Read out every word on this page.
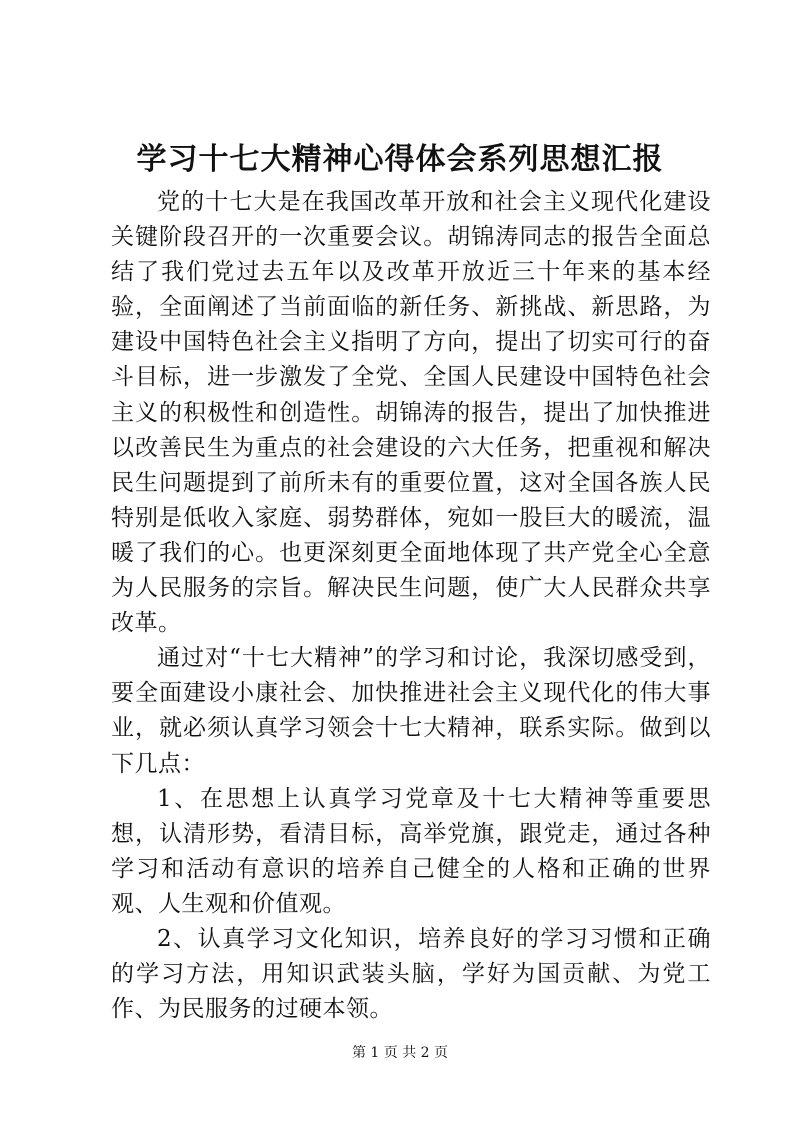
学习十七大精神心得体会系列思想汇报

党的十七大是在我国改革开放和社会主义现代化建设关键阶段召开的一次重要会议。胡锦涛同志的报告全面总结了我们党过去五年以及改革开放近三十年来的基本经验，全面阐述了当前面临的新任务、新挑战、新思路，为建设中国特色社会主义指明了方向，提出了切实可行的奋斗目标，进一步激发了全党、全国人民建设中国特色社会主义的积极性和创造性。胡锦涛的报告，提出了加快推进以改善民生为重点的社会建设的六大任务，把重视和解决民生问题提到了前所未有的重要位置，这对全国各族人民特别是低收入家庭、弱势群体，宛如一股巨大的暖流，温暖了我们的心。也更深刻更全面地体现了共产党全心全意为人民服务的宗旨。解决民生问题，使广大人民群众共享改革。

通过对“十七大精神”的学习和讨论，我深切感受到，要全面建设小康社会、加快推进社会主义现代化的伟大事业，就必须认真学习领会十七大精神，联系实际。做到以下几点：

1、在思想上认真学习党章及十七大精神等重要思想，认清形势，看清目标，高举党旗，跟党走，通过各种学习和活动有意识的培养自己健全的人格和正确的世界观、人生观和价值观。

2、认真学习文化知识，培养良好的学习习惯和正确的学习方法，用知识武装头脑，学好为国贡献、为党工作、为民服务的过硬本领。

第 1 页 共 2 页
